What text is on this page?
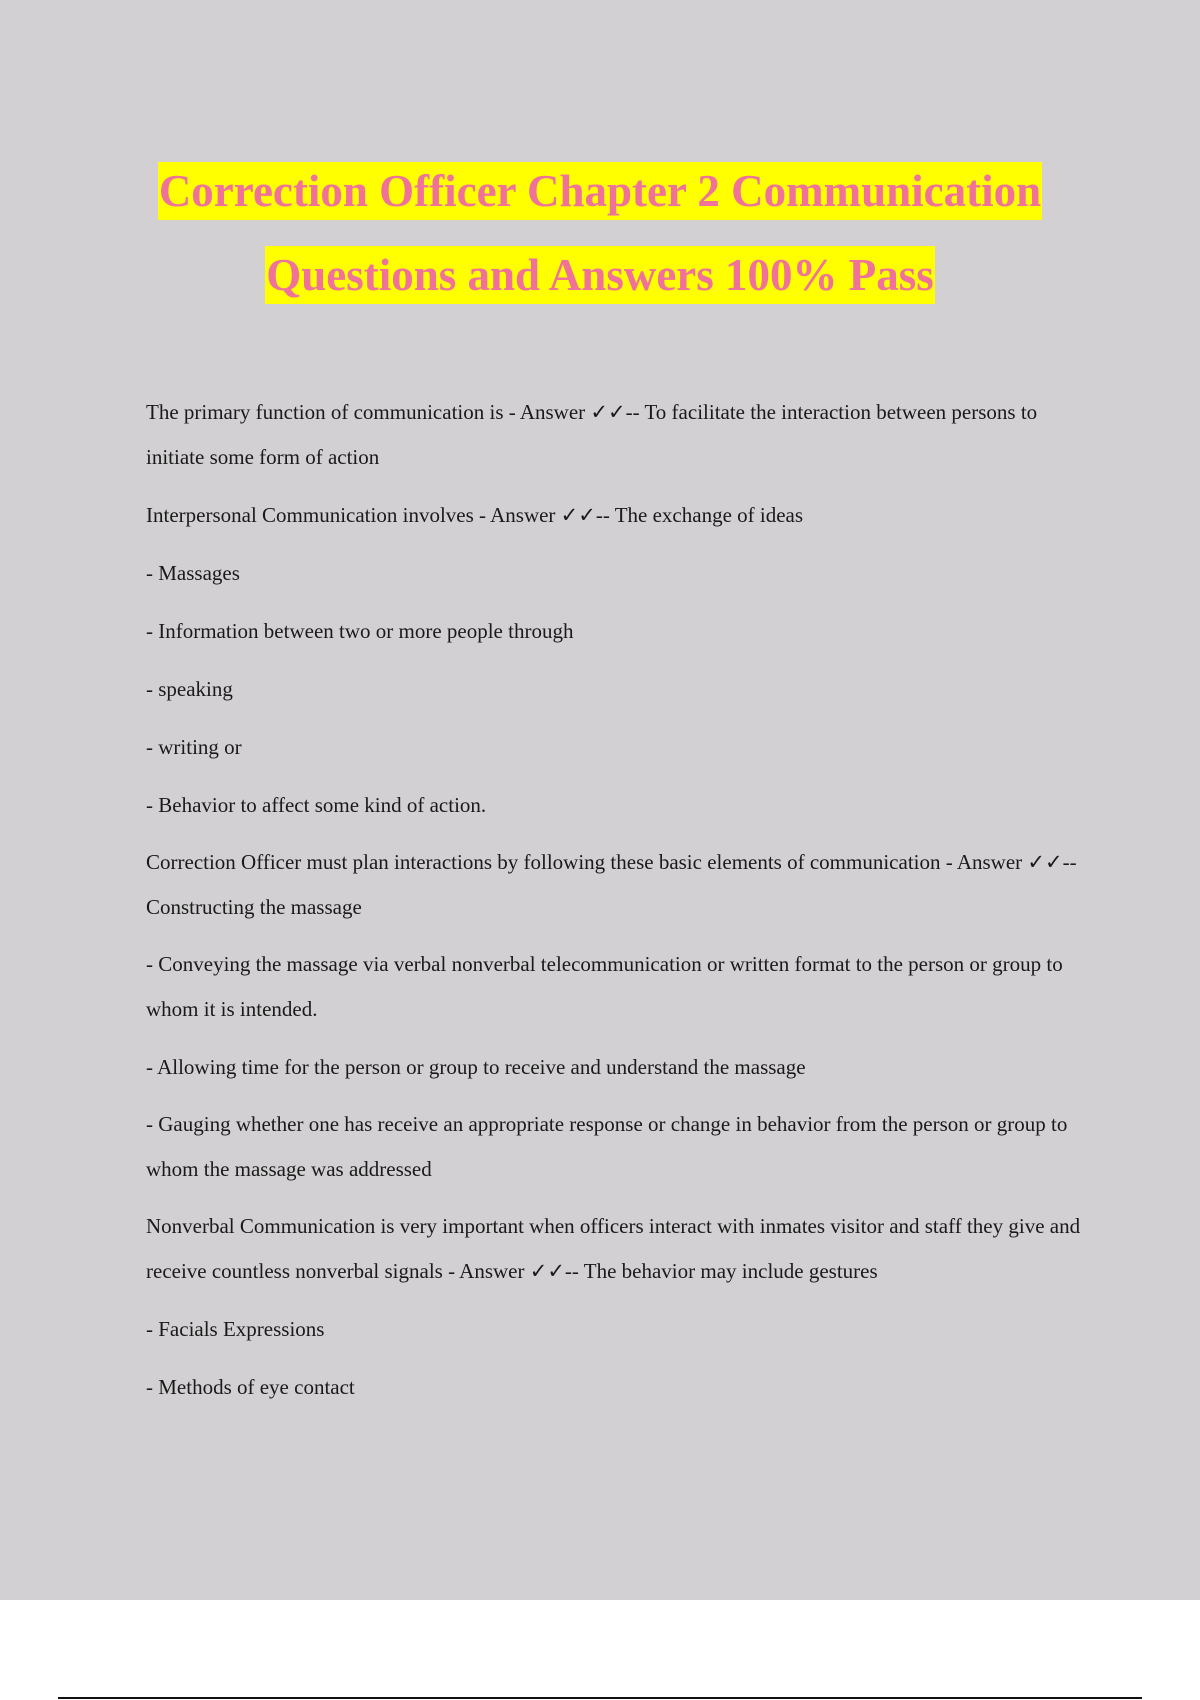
Correction Officer Chapter 2 Communication
Questions and Answers 100% Pass

The primary function of communication is - Answer ✓✓-- To facilitate the interaction between persons to initiate some form of action

Interpersonal Communication involves - Answer ✓✓-- The exchange of ideas

- Massages

- Information between two or more people through

- speaking

- writing or

- Behavior to affect some kind of action.

Correction Officer must plan interactions by following these basic elements of communication - Answer ✓✓-- Constructing the massage

- Conveying the massage via verbal nonverbal telecommunication or written format to the person or group to whom it is intended.

- Allowing time for the person or group to receive and understand the massage

- Gauging whether one has receive an appropriate response or change in behavior from the person or group to whom the massage was addressed

Nonverbal Communication is very important when officers interact with inmates visitor and staff they give and receive countless nonverbal signals - Answer ✓✓-- The behavior may include gestures

- Facials Expressions

- Methods of eye contact
